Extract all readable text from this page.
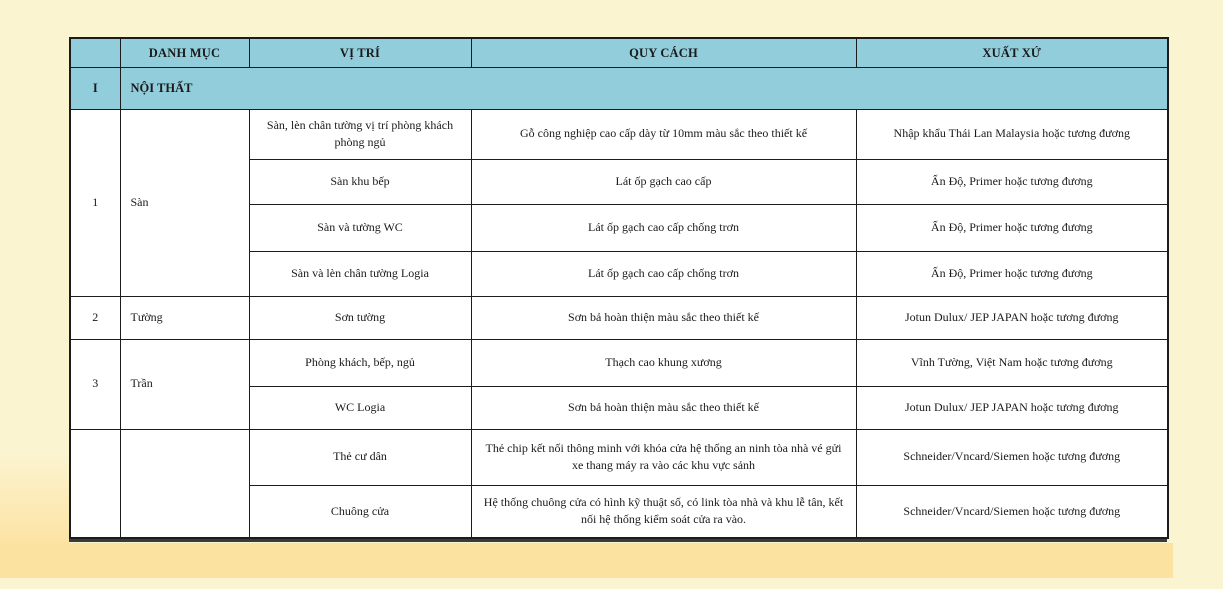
	DANH MỤC	VỊ TRÍ	QUY CÁCH	XUẤT XỨ
I	NỘI THẤT			
1	Sàn	Sàn, lèn chân tường vị trí phòng khách phòng ngủ	Gỗ công nghiệp cao cấp dày từ 10mm màu sắc theo thiết kế	Nhập khẩu Thái Lan Malaysia hoặc tương đương
		Sàn khu bếp	Lát ốp gạch cao cấp	Ấn Độ, Primer hoặc tương đương
		Sàn và tường WC	Lát ốp gạch cao cấp chống trơn	Ấn Độ, Primer hoặc tương đương
		Sàn và lèn chân tường Logia	Lát ốp gạch cao cấp chống trơn	Ấn Độ, Primer hoặc tương đương
2	Tường	Sơn tường	Sơn bả hoàn thiện màu sắc theo thiết kế	Jotun Dulux/ JEP JAPAN hoặc tương đương
3	Trần	Phòng khách, bếp, ngủ	Thạch cao khung xương	Vĩnh Tường, Việt Nam hoặc tương đương
		WC Logia	Sơn bả hoàn thiện màu sắc theo thiết kế	Jotun Dulux/ JEP JAPAN hoặc tương đương
		Thẻ cư dân	Thẻ chip kết nối thông minh với khóa cửa hệ thống an ninh tòa nhà vé gửi xe thang máy ra vào các khu vực sảnh	Schneider/Vncard/Siemen hoặc tương đương
		Chuông cửa	Hệ thống chuông cửa có hình kỹ thuật số, có link tòa nhà và khu lễ tân, kết nối hệ thống kiểm soát cửa ra vào.	Schneider/Vncard/Siemen hoặc tương đương
